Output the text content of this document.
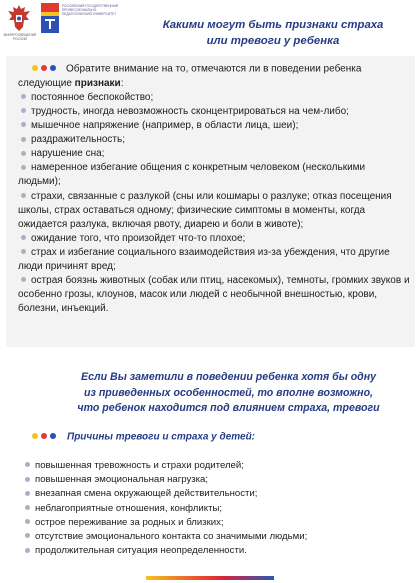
МИНПРОСВЕЩЕНИЯ РОССИИ
РОССИЙСКИЙ ГОСУДАРСТВЕННЫЙ ПРОФЕССИОНАЛЬНО-ПЕДАГОГИЧЕСКИЙ УНИВЕРСИТЕТ
Какими могут быть признаки страха
или тревоги у ребенка

Обратите внимание на то, отмечаются ли в поведении ребенка следующие признаки:

постоянное беспокойство;
трудность, иногда невозможность сконцентрироваться на чем-либо;
мышечное напряжение (например, в области лица, шеи);
раздражительность;
нарушение сна;
намеренное избегание общения с конкретным человеком (несколькими людьми);
страхи, связанные с разлукой (сны или кошмары о разлуке; отказ посещения школы, страх оставаться одному; физические симптомы в моменты, когда ожидается разлука, включая рвоту, диарею и боли в животе);
ожидание того, что произойдет что-то плохое;
страх и избегание социального взаимодействия из-за убеждения, что другие люди причинят вред;
острая боязнь животных (собак или птиц, насекомых), темноты, громких звуков и особенно грозы, клоунов, масок или людей с необычной внешностью, крови, болезни, инъекций.
Если Вы заметили в поведении ребенка хотя бы одну
из приведенных особенностей, то вполне возможно,
что ребенок находится под влиянием страха, тревоги
Причины тревоги и страха у детей:
повышенная тревожность и страхи родителей;
повышенная эмоциональная нагрузка;
внезапная смена окружающей действительности;
неблагоприятные отношения, конфликты;
острое переживание за родных и близких;
отсутствие эмоционального контакта со значимыми людьми;
продолжительная ситуация неопределенности.
